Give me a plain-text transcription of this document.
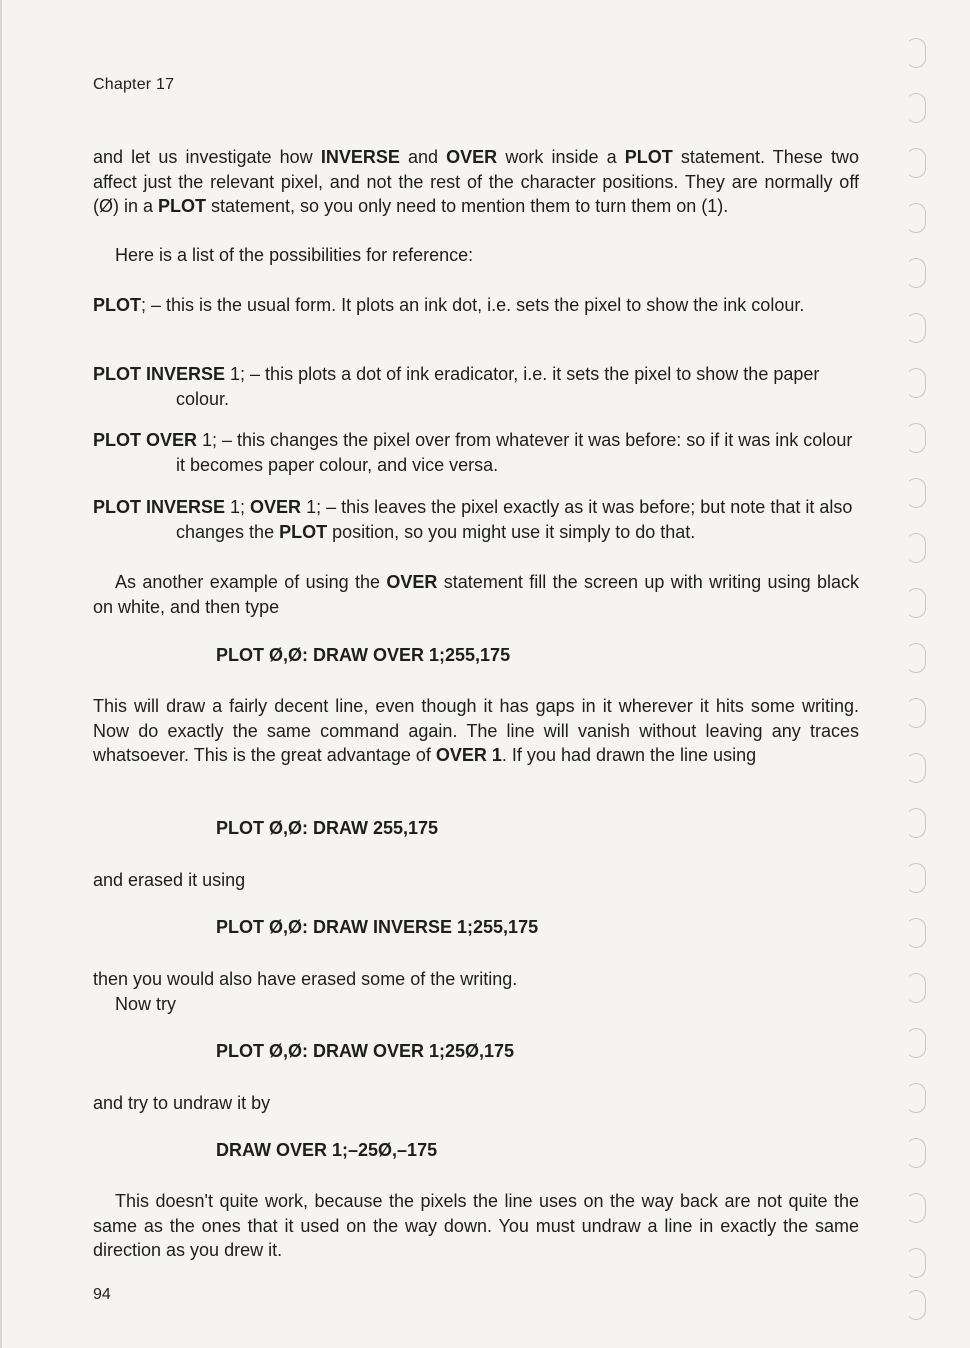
Chapter 17

and let us investigate how INVERSE and OVER work inside a PLOT statement. These two affect just the relevant pixel, and not the rest of the character positions. They are normally off (Ø) in a PLOT statement, so you only need to mention them to turn them on (1).

Here is a list of the possibilities for reference:

PLOT; – this is the usual form. It plots an ink dot, i.e. sets the pixel to show the ink colour.

PLOT INVERSE 1; – this plots a dot of ink eradicator, i.e. it sets the pixel to show the paper colour.

PLOT OVER 1; – this changes the pixel over from whatever it was before: so if it was ink colour it becomes paper colour, and vice versa.

PLOT INVERSE 1; OVER 1; – this leaves the pixel exactly as it was before; but note that it also changes the PLOT position, so you might use it simply to do that.

As another example of using the OVER statement fill the screen up with writing using black on white, and then type

PLOT Ø,Ø: DRAW OVER 1;255,175

This will draw a fairly decent line, even though it has gaps in it wherever it hits some writing. Now do exactly the same command again. The line will vanish without leaving any traces whatsoever. This is the great advantage of OVER 1. If you had drawn the line using

PLOT Ø,Ø: DRAW 255,175

and erased it using

PLOT Ø,Ø: DRAW INVERSE 1;255,175

then you would also have erased some of the writing.

Now try

PLOT Ø,Ø: DRAW OVER 1;25Ø,175

and try to undraw it by

DRAW OVER 1;–25Ø,–175

This doesn't quite work, because the pixels the line uses on the way back are not quite the same as the ones that it used on the way down. You must undraw a line in exactly the same direction as you drew it.

94
